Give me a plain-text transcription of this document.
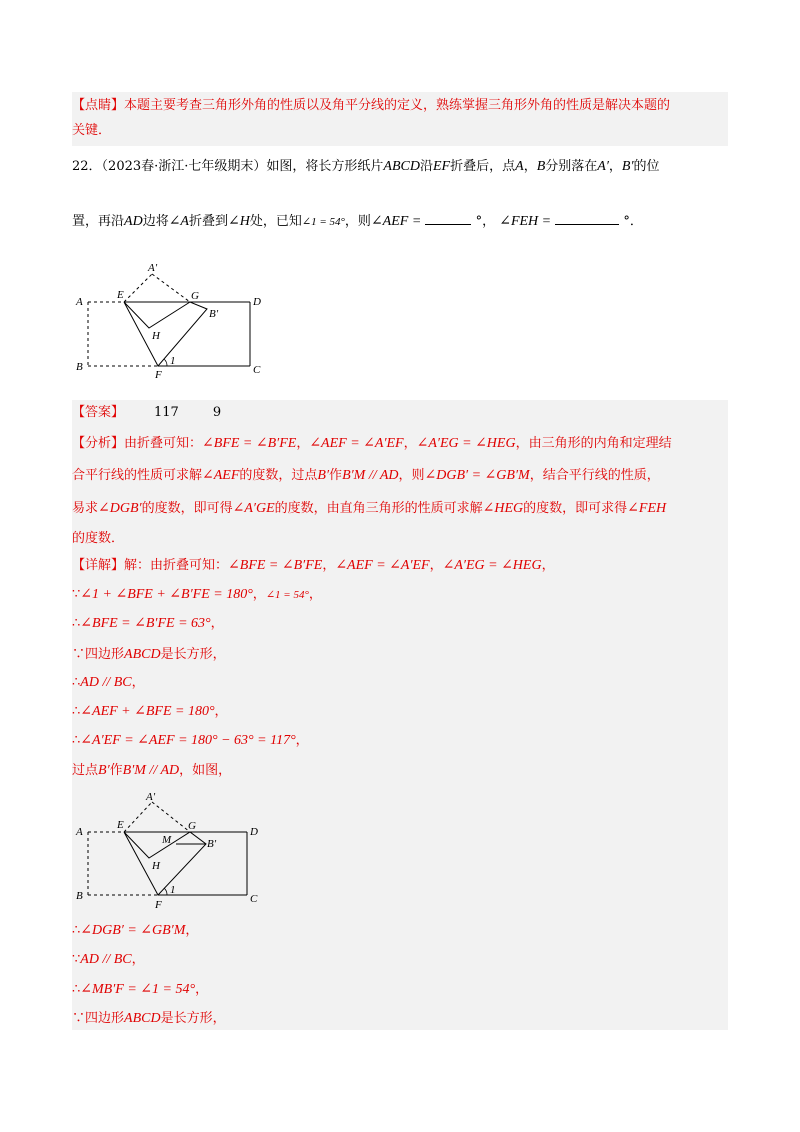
【点睛】本题主要考查三角形外角的性质以及角平分线的定义，熟练掌握三角形外角的性质是解决本题的
关键．
22．（2023春·浙江·七年级期末）如图，将长方形纸片ABCD沿EF折叠后，点A，B分别落在A′，B′的位
置，再沿AD边将∠A折叠到∠H处，已知∠1 = 54°，则∠AEF =	°， ∠FEH =	°．
A′
A
E	G	D
B′
H
1
B
F	C
【答案】 117	9
【分析】由折叠可知：∠BFE = ∠B′FE，∠AEF = ∠A′EF，∠A′EG = ∠HEG，由三角形的内角和定理结
合平行线的性质可求解∠AEF的度数，过点B′作B′M // AD，则∠DGB′ = ∠GB′M，结合平行线的性质，
易求∠DGB′的度数，即可得∠A′GE的度数，由直角三角形的性质可求解∠HEG的度数，即可求得∠FEH
的度数．
【详解】解：由折叠可知：∠BFE = ∠B′FE，∠AEF = ∠A′EF，∠A′EG = ∠HEG，
∵∠1 + ∠BFE + ∠B′FE = 180°，∠1 = 54°，
∴∠BFE = ∠B′FE = 63°，
∵四边形ABCD是长方形，
∴AD // BC，
∴∠AEF + ∠BFE = 180°，
∴∠A′EF = ∠AEF = 180° − 63° = 117°，
过点B′作B′M // AD，如图，
A′
A
E	G	D
M	B′
H
1
B
F	C
∴∠DGB′ = ∠GB′M，
∵AD // BC，
∴∠MB′F = ∠1 = 54°，
∵四边形ABCD是长方形，
